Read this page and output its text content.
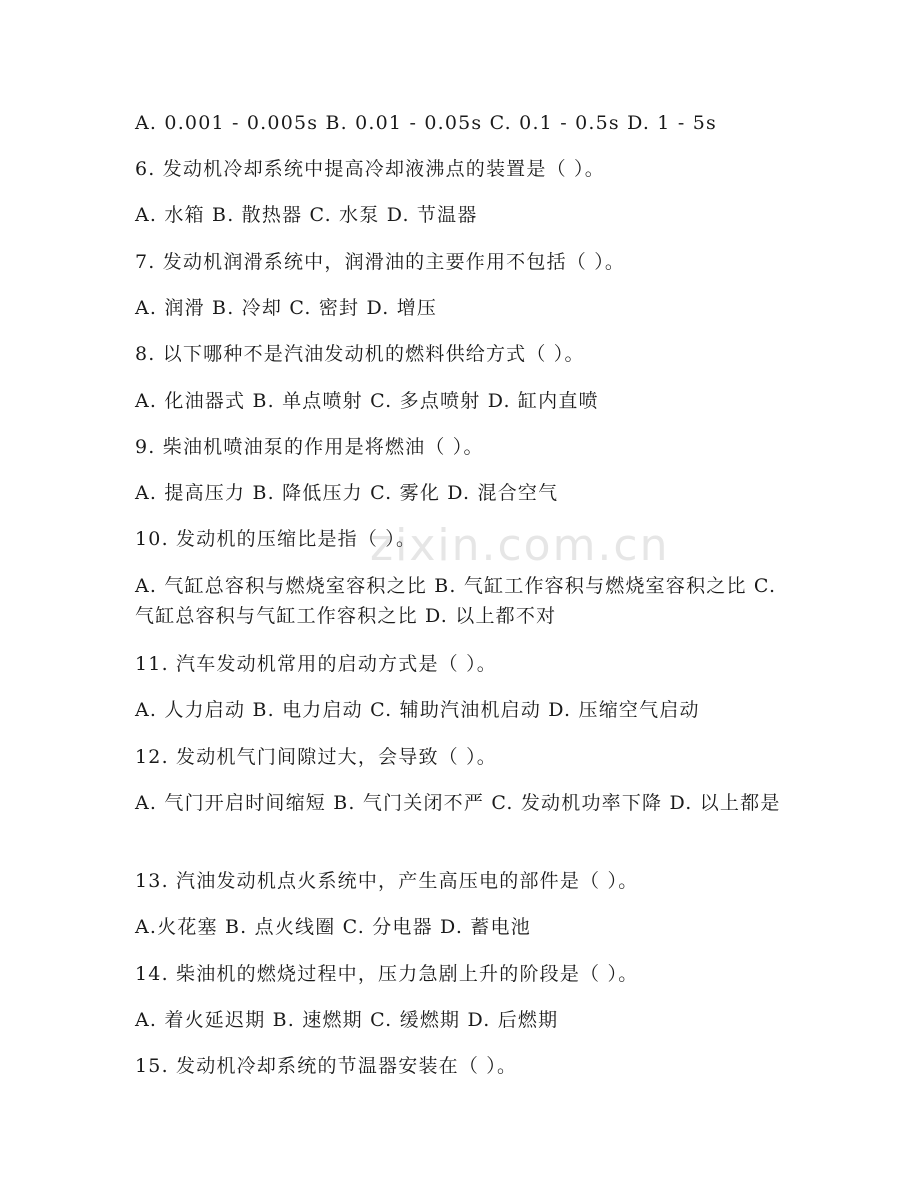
zixin.com.cn
A. 0.001 - 0.005s B. 0.01 - 0.05s C. 0.1 - 0.5s D. 1 - 5s
6. 发动机冷却系统中提高冷却液沸点的装置是（ ）。
A. 水箱 B. 散热器 C. 水泵 D. 节温器
7. 发动机润滑系统中，润滑油的主要作用不包括（ ）。
A. 润滑 B. 冷却 C. 密封 D. 增压
8. 以下哪种不是汽油发动机的燃料供给方式（ ）。
A. 化油器式 B. 单点喷射 C. 多点喷射 D. 缸内直喷
9. 柴油机喷油泵的作用是将燃油（ ）。
A. 提高压力 B. 降低压力 C. 雾化 D. 混合空气
10. 发动机的压缩比是指（ ）。
A. 气缸总容积与燃烧室容积之比 B. 气缸工作容积与燃烧室容积之比 C. 气缸总容积与气缸工作容积之比 D. 以上都不对
11. 汽车发动机常用的启动方式是（ ）。
A. 人力启动 B. 电力启动 C. 辅助汽油机启动 D. 压缩空气启动
12. 发动机气门间隙过大，会导致（ ）。
A. 气门开启时间缩短 B. 气门关闭不严 C. 发动机功率下降 D. 以上都是
13. 汽油发动机点火系统中，产生高压电的部件是（ ）。
A.火花塞 B. 点火线圈 C. 分电器 D. 蓄电池
14. 柴油机的燃烧过程中，压力急剧上升的阶段是（ ）。
A. 着火延迟期 B. 速燃期 C. 缓燃期 D. 后燃期
15. 发动机冷却系统的节温器安装在（ ）。
